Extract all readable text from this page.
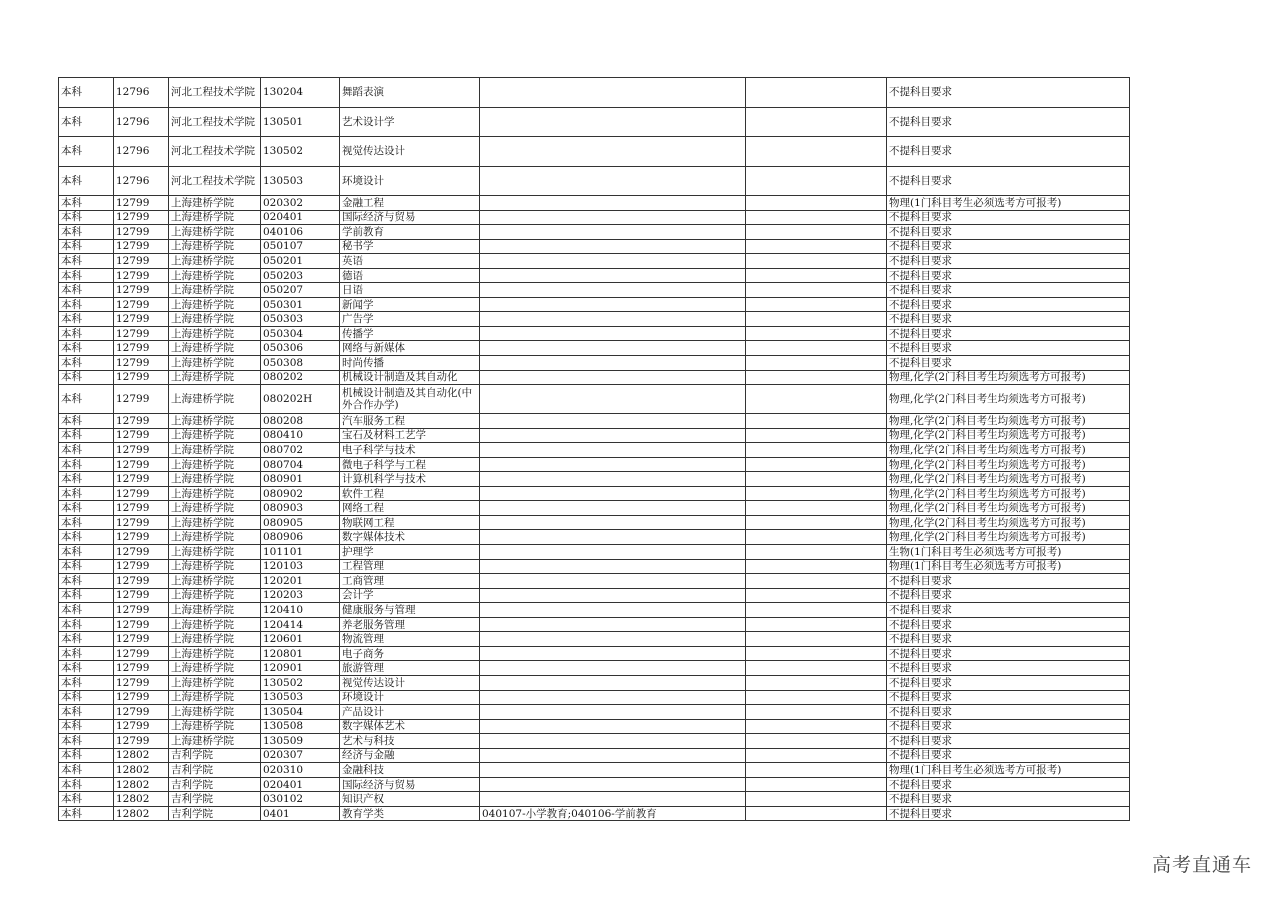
本科	12796	河北工程技术学院	130204	舞蹈表演			不提科目要求
本科	12796	河北工程技术学院	130501	艺术设计学			不提科目要求
本科	12796	河北工程技术学院	130502	视觉传达设计			不提科目要求
本科	12796	河北工程技术学院	130503	环境设计			不提科目要求
本科	12799	上海建桥学院	020302	金融工程			物理(1门科目考生必须选考方可报考)
本科	12799	上海建桥学院	020401	国际经济与贸易			不提科目要求
本科	12799	上海建桥学院	040106	学前教育			不提科目要求
本科	12799	上海建桥学院	050107	秘书学			不提科目要求
本科	12799	上海建桥学院	050201	英语			不提科目要求
本科	12799	上海建桥学院	050203	德语			不提科目要求
本科	12799	上海建桥学院	050207	日语			不提科目要求
本科	12799	上海建桥学院	050301	新闻学			不提科目要求
本科	12799	上海建桥学院	050303	广告学			不提科目要求
本科	12799	上海建桥学院	050304	传播学			不提科目要求
本科	12799	上海建桥学院	050306	网络与新媒体			不提科目要求
本科	12799	上海建桥学院	050308	时尚传播			不提科目要求
本科	12799	上海建桥学院	080202	机械设计制造及其自动化			物理,化学(2门科目考生均须选考方可报考)
本科	12799	上海建桥学院	080202H	机械设计制造及其自动化(中外合作办学)			物理,化学(2门科目考生均须选考方可报考)
本科	12799	上海建桥学院	080208	汽车服务工程			物理,化学(2门科目考生均须选考方可报考)
本科	12799	上海建桥学院	080410	宝石及材料工艺学			物理,化学(2门科目考生均须选考方可报考)
本科	12799	上海建桥学院	080702	电子科学与技术			物理,化学(2门科目考生均须选考方可报考)
本科	12799	上海建桥学院	080704	微电子科学与工程			物理,化学(2门科目考生均须选考方可报考)
本科	12799	上海建桥学院	080901	计算机科学与技术			物理,化学(2门科目考生均须选考方可报考)
本科	12799	上海建桥学院	080902	软件工程			物理,化学(2门科目考生均须选考方可报考)
本科	12799	上海建桥学院	080903	网络工程			物理,化学(2门科目考生均须选考方可报考)
本科	12799	上海建桥学院	080905	物联网工程			物理,化学(2门科目考生均须选考方可报考)
本科	12799	上海建桥学院	080906	数字媒体技术			物理,化学(2门科目考生均须选考方可报考)
本科	12799	上海建桥学院	101101	护理学			生物(1门科目考生必须选考方可报考)
本科	12799	上海建桥学院	120103	工程管理			物理(1门科目考生必须选考方可报考)
本科	12799	上海建桥学院	120201	工商管理			不提科目要求
本科	12799	上海建桥学院	120203	会计学			不提科目要求
本科	12799	上海建桥学院	120410	健康服务与管理			不提科目要求
本科	12799	上海建桥学院	120414	养老服务管理			不提科目要求
本科	12799	上海建桥学院	120601	物流管理			不提科目要求
本科	12799	上海建桥学院	120801	电子商务			不提科目要求
本科	12799	上海建桥学院	120901	旅游管理			不提科目要求
本科	12799	上海建桥学院	130502	视觉传达设计			不提科目要求
本科	12799	上海建桥学院	130503	环境设计			不提科目要求
本科	12799	上海建桥学院	130504	产品设计			不提科目要求
本科	12799	上海建桥学院	130508	数字媒体艺术			不提科目要求
本科	12799	上海建桥学院	130509	艺术与科技			不提科目要求
本科	12802	吉利学院	020307	经济与金融			不提科目要求
本科	12802	吉利学院	020310	金融科技			物理(1门科目考生必须选考方可报考)
本科	12802	吉利学院	020401	国际经济与贸易			不提科目要求
本科	12802	吉利学院	030102	知识产权			不提科目要求
本科	12802	吉利学院	0401	教育学类	040107-小学教育;040106-学前教育		不提科目要求
高考直通车
